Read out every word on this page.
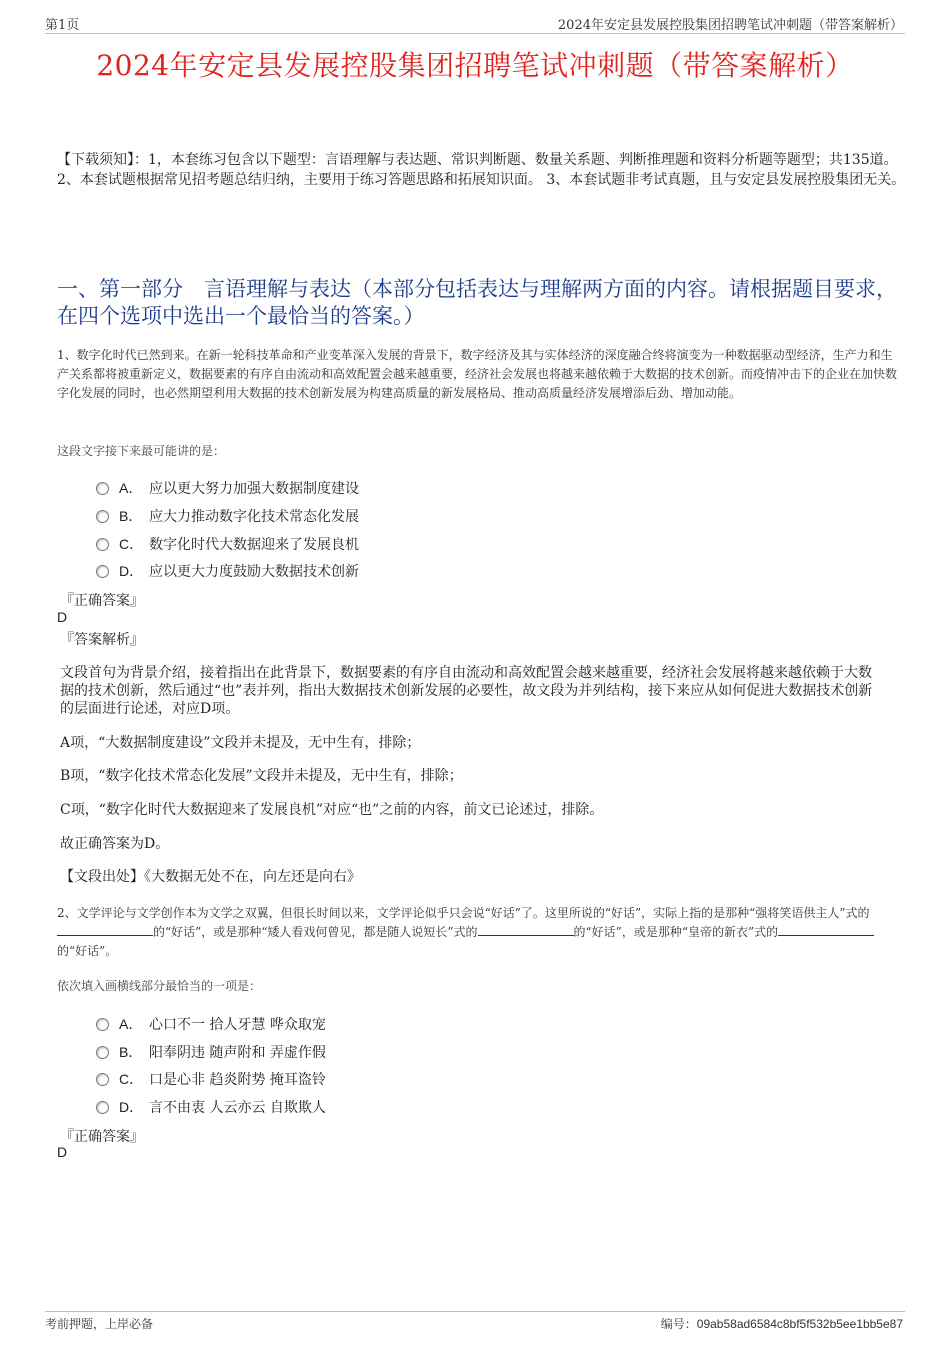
第1页	2024年安定县发展控股集团招聘笔试冲刺题（带答案解析）
2024年安定县发展控股集团招聘笔试冲刺题（带答案解析）
【下载须知】：1，本套练习包含以下题型：言语理解与表达题、常识判断题、数量关系题、判断推理题和资料分析题等题型；共135道。 2、本套试题根据常见招考题总结归纳，主要用于练习答题思路和拓展知识面。 3、本套试题非考试真题，且与安定县发展控股集团无关。
一、第一部分　言语理解与表达（本部分包括表达与理解两方面的内容。请根据题目要求，在四个选项中选出一个最恰当的答案。）
1、数字化时代已然到来。在新一轮科技革命和产业变革深入发展的背景下，数字经济及其与实体经济的深度融合终将演变为一种数据驱动型经济，生产力和生产关系都将被重新定义，数据要素的有序自由流动和高效配置会越来越重要，经济社会发展也将越来越依赖于大数据的技术创新。而疫情冲击下的企业在加快数字化发展的同时，也必然期望利用大数据的技术创新发展为构建高质量的新发展格局、推动高质量经济发展增添后劲、增加动能。
这段文字接下来最可能讲的是：
A． 应以更大努力加强大数据制度建设
B． 应大力推动数字化技术常态化发展
C． 数字化时代大数据迎来了发展良机
D． 应以更大力度鼓励大数据技术创新
『正确答案』
D
『答案解析』
文段首句为背景介绍，接着指出在此背景下，数据要素的有序自由流动和高效配置会越来越重要，经济社会发展将越来越依赖于大数据的技术创新，然后通过“也”表并列，指出大数据技术创新发展的必要性，故文段为并列结构，接下来应从如何促进大数据技术创新的层面进行论述，对应D项。
A项，“大数据制度建设”文段并未提及，无中生有，排除；
B项，“数字化技术常态化发展”文段并未提及，无中生有，排除；
C项，“数字化时代大数据迎来了发展良机”对应“也”之前的内容，前文已论述过，排除。
故正确答案为D。
【文段出处】《大数据无处不在，向左还是向右》
2、文学评论与文学创作本为文学之双翼，但很长时间以来，文学评论似乎只会说“好话”了。这里所说的“好话”，实际上指的是那种“强将笑语供主人”式的的“好话”，或是那种“矮人看戏何曾见，都是随人说短长”式的	的“好话”，或是那种“皇帝的新衣”式的的“好话”。
依次填入画横线部分最恰当的一项是：
A． 心口不一 拾人牙慧 哗众取宠
B． 阳奉阴违 随声附和 弄虚作假
C． 口是心非 趋炎附势 掩耳盗铃
D． 言不由衷 人云亦云 自欺欺人
『正确答案』
D
考前押题，上岸必备	编号：09ab58ad6584c8bf5f532b5ee1bb5e87
